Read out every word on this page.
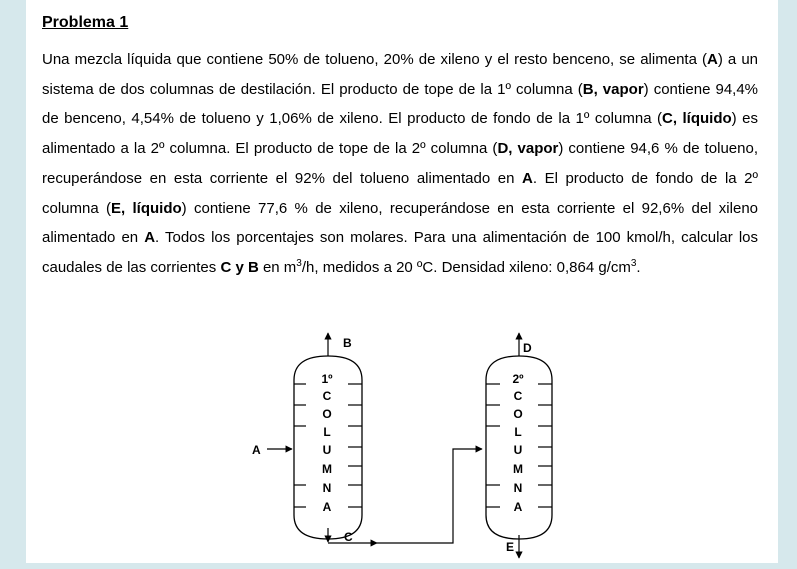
Problema 1

Una mezcla líquida que contiene 50% de tolueno, 20% de xileno y el resto benceno, se alimenta (A) a un sistema de dos columnas de destilación. El producto de tope de la 1º columna (B, vapor) contiene 94,4% de benceno, 4,54% de tolueno y 1,06% de xileno. El producto de fondo de la 1º columna (C, líquido) es alimentado a la 2º columna. El producto de tope de la 2º columna (D, vapor) contiene 94,6 % de tolueno, recuperándose en esta corriente el 92% del tolueno alimentado en A. El producto de fondo de la 2º columna (E, líquido) contiene 77,6 % de xileno, recuperándose en esta corriente el 92,6% del xileno alimentado en A. Todos los porcentajes son molares. Para una alimentación de 100 kmol/h, calcular los caudales de las corrientes C y B en $m^3/h$, medidos a 20 ºC. Densidad xileno: 0,864 $g/cm^3$.

1º
C
O
L
U
M
N
A
2º
C
O
L
U
M
N
A
A
B
C
D
E
